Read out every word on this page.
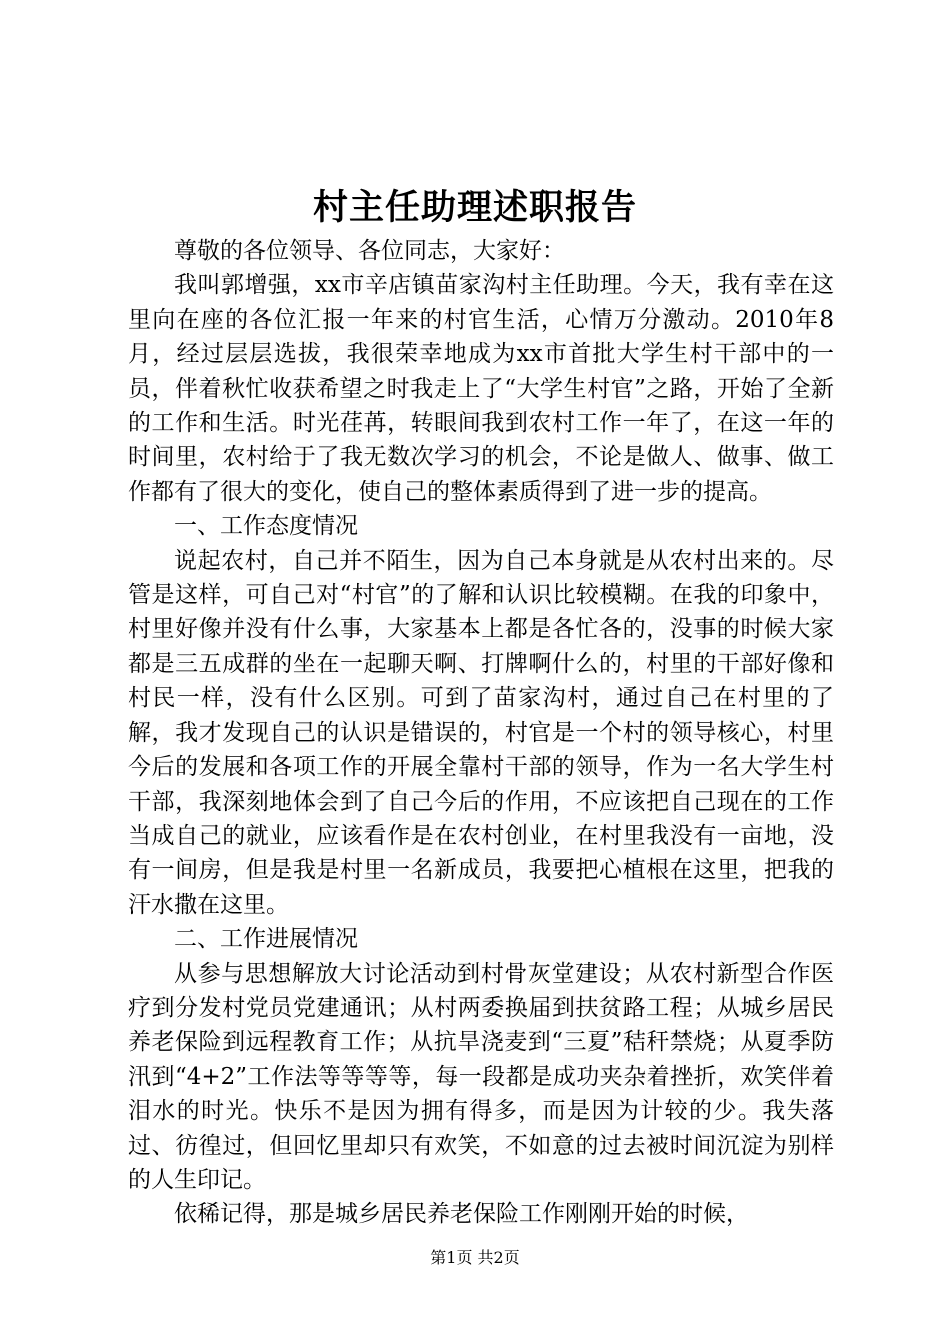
村主任助理述职报告

尊敬的各位领导、各位同志，大家好：

我叫郭增强，xx市辛店镇苗家沟村主任助理。今天，我有幸在这里向在座的各位汇报一年来的村官生活，心情万分激动。2010年8月，经过层层选拔，我很荣幸地成为xx市首批大学生村干部中的一员，伴着秋忙收获希望之时我走上了“大学生村官”之路，开始了全新的工作和生活。时光荏苒，转眼间我到农村工作一年了，在这一年的时间里，农村给于了我无数次学习的机会，不论是做人、做事、做工作都有了很大的变化，使自己的整体素质得到了进一步的提高。

一、工作态度情况

说起农村，自己并不陌生，因为自己本身就是从农村出来的。尽管是这样，可自己对“村官”的了解和认识比较模糊。在我的印象中，村里好像并没有什么事，大家基本上都是各忙各的，没事的时候大家都是三五成群的坐在一起聊天啊、打牌啊什么的，村里的干部好像和村民一样，没有什么区别。可到了苗家沟村，通过自己在村里的了解，我才发现自己的认识是错误的，村官是一个村的领导核心，村里今后的发展和各项工作的开展全靠村干部的领导，作为一名大学生村干部，我深刻地体会到了自己今后的作用，不应该把自己现在的工作当成自己的就业，应该看作是在农村创业，在村里我没有一亩地，没有一间房，但是我是村里一名新成员，我要把心植根在这里，把我的汗水撒在这里。

二、工作进展情况

从参与思想解放大讨论活动到村骨灰堂建设；从农村新型合作医疗到分发村党员党建通讯；从村两委换届到扶贫路工程；从城乡居民养老保险到远程教育工作；从抗旱浇麦到“三夏”秸秆禁烧；从夏季防汛到“4+2”工作法等等等等，每一段都是成功夹杂着挫折，欢笑伴着泪水的时光。快乐不是因为拥有得多，而是因为计较的少。我失落过、彷徨过，但回忆里却只有欢笑，不如意的过去被时间沉淀为别样的人生印记。

依稀记得，那是城乡居民养老保险工作刚刚开始的时候，

第1页 共2页
